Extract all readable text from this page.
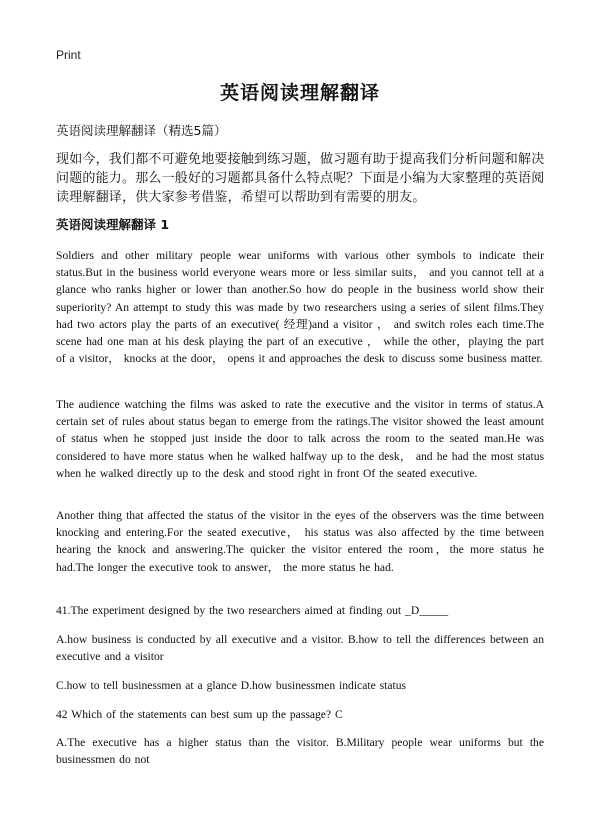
Print
英语阅读理解翻译
英语阅读理解翻译（精选5篇）

现如今，我们都不可避免地要接触到练习题，做习题有助于提高我们分析问题和解决问题的能力。那么一般好的习题都具备什么特点呢？下面是小编为大家整理的英语阅读理解翻译，供大家参考借鉴，希望可以帮助到有需要的朋友。

英语阅读理解翻译 1

Soldiers and other military people wear uniforms with various other symbols to indicate their status.But in the business world everyone wears more or less similar suits， and you cannot tell at a glance who ranks higher or lower than another.So how do people in the business world show their superiority? An attempt to study this was made by two researchers using a series of silent films.They had two actors play the parts of an executive( 经理)and a visitor ， and switch roles each time.The scene had one man at his desk playing the part of an executive ， while the other，playing the part of a visitor， knocks at the door， opens it and approaches the desk to discuss some business matter.

The audience watching the films was asked to rate the executive and the visitor in terms of status.A certain set of rules about status began to emerge from the ratings.The visitor showed the least amount of status when he stopped just inside the door to talk across the room to the seated man.He was considered to have more status when he walked halfway up to the desk， and he had the most status when he walked directly up to the desk and stood right in front Of the seated executive.

Another thing that affected the status of the visitor in the eyes of the observers was the time between knocking and entering.For the seated executive， his status was also affected by the time between hearing the knock and answering.The quicker the visitor entered the room，the more status he had.The longer the executive took to answer， the more status he had.

41.The experiment designed by the two researchers aimed at finding out _D_____

A.how business is conducted by all executive and a visitor. B.how to tell the differences between an executive and a visitor

C.how to tell businessmen at a glance D.how businessmen indicate status

42 Which of the statements can best sum up the passage? C

A.The executive has a higher status than the visitor. B.Military people wear uniforms but the businessmen do not
